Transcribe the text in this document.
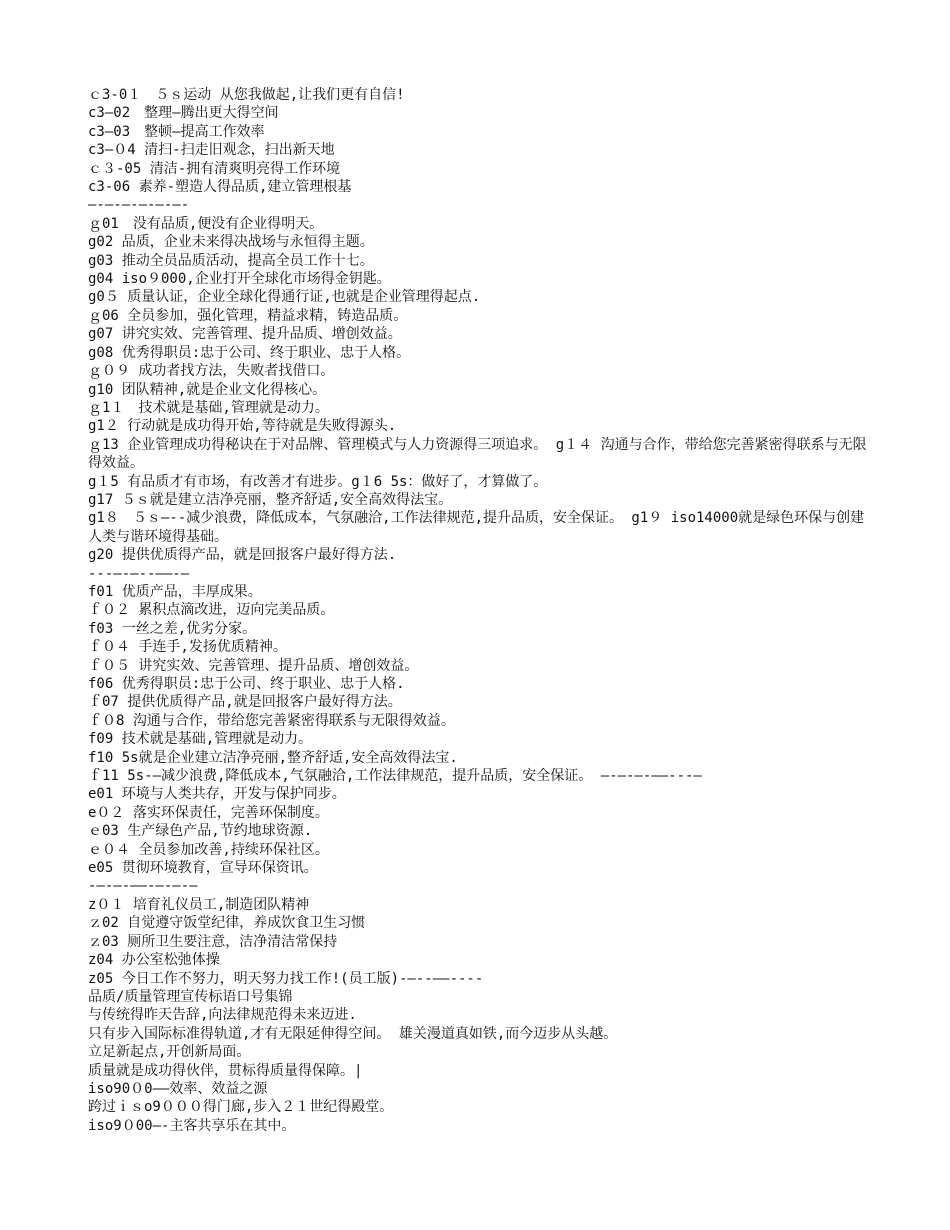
ｃ3-0１　５ｓ运动 从您我做起,让我们更有自信!

c3—02　整理—腾出更大得空间

c3—03　整顿—提高工作效率

c3—０4 清扫-扫走旧观念，扫出新天地

ｃ３-05 清洁-拥有清爽明亮得工作环境

c3-06 素养-塑造人得品质,建立管理根基

—-—-—-—-—-—-

ｇ01　没有品质,便没有企业得明天。

g02 品质，企业未来得决战场与永恒得主题。

g03 推动全员品质活动，提高全员工作十七。

g04 iso９000,企业打开全球化市场得金钥匙。

g0５ 质量认证，企业全球化得通行证,也就是企业管理得起点.

ｇ06 全员参加，强化管理，精益求精，铸造品质。

g07 讲究实效、完善管理、提升品质、增创效益。

g08 优秀得职员:忠于公司、终于职业、忠于人格。

ｇ０９ 成功者找方法，失败者找借口。

g10 团队精神,就是企业文化得核心。

ｇ1１　技术就是基础,管理就是动力。

g1２ 行动就是成功得开始,等待就是失败得源头.

ｇ13 企业管理成功得秘诀在于对品牌、管理模式与人力资源得三项追求。 g１４ 沟通与合作，带给您完善紧密得联系与无限得效益。

g１5 有品质才有市场，有改善才有进步。g１6 5s：做好了，才算做了。

g17 ５ｓ就是建立洁净亮丽，整齐舒适,安全高效得法宝。

g1８　５ｓ—--减少浪费，降低成本，气氛融洽,工作法律规范,提升品质，安全保证。 g1９ iso14000就是绿色环保与创建人类与谐环境得基础。

g20 提供优质得产品，就是回报客户最好得方法.

---—-—--——-—

f01 优质产品，丰厚成果。

ｆ０２ 累积点滴改进，迈向完美品质。

f03 一丝之差,优劣分家。

ｆ０４ 手连手,发扬优质精神。

ｆ０５ 讲究实效、完善管理、提升品质、增创效益。

f06 优秀得职员:忠于公司、终于职业、忠于人格.

ｆ07 提供优质得产品,就是回报客户最好得方法。

ｆ０8 沟通与合作，带给您完善紧密得联系与无限得效益。

f09 技术就是基础,管理就是动力。

f10 5s就是企业建立洁净亮丽,整齐舒适,安全高效得法宝.

ｆ11 5s-—减少浪费,降低成本,气氛融洽,工作法律规范，提升品质，安全保证。 —-—-—-——---—

e01 环境与人类共存，开发与保护同步。

e０２ 落实环保责任，完善环保制度。

ｅ03 生产绿色产品,节约地球资源.

ｅ０４ 全员参加改善,持续环保社区。

e05 贯彻环境教育，宣导环保资讯。

-—-—-——-—-—-—

z０１ 培育礼仪员工,制造团队精神

ｚ02 自觉遵守饭堂纪律，养成饮食卫生习惯

ｚ03 厕所卫生要注意，洁净清洁常保持

z04 办公室松弛体操

z05 今日工作不努力，明天努力找工作!(员工版)-—--——----

品质/质量管理宣传标语口号集锦

与传统得昨天告辞,向法律规范得未来迈进.

只有步入国际标准得轨道,才有无限延伸得空间。 雄关漫道真如铁,而今迈步从头越。

立足新起点,开创新局面。

质量就是成功得伙伴，贯标得质量得保障。|

iso90０0——效率、效益之源

跨过ｉｓo9０００得门廊,步入２１世纪得殿堂。

iso9０00—-主客共享乐在其中。
